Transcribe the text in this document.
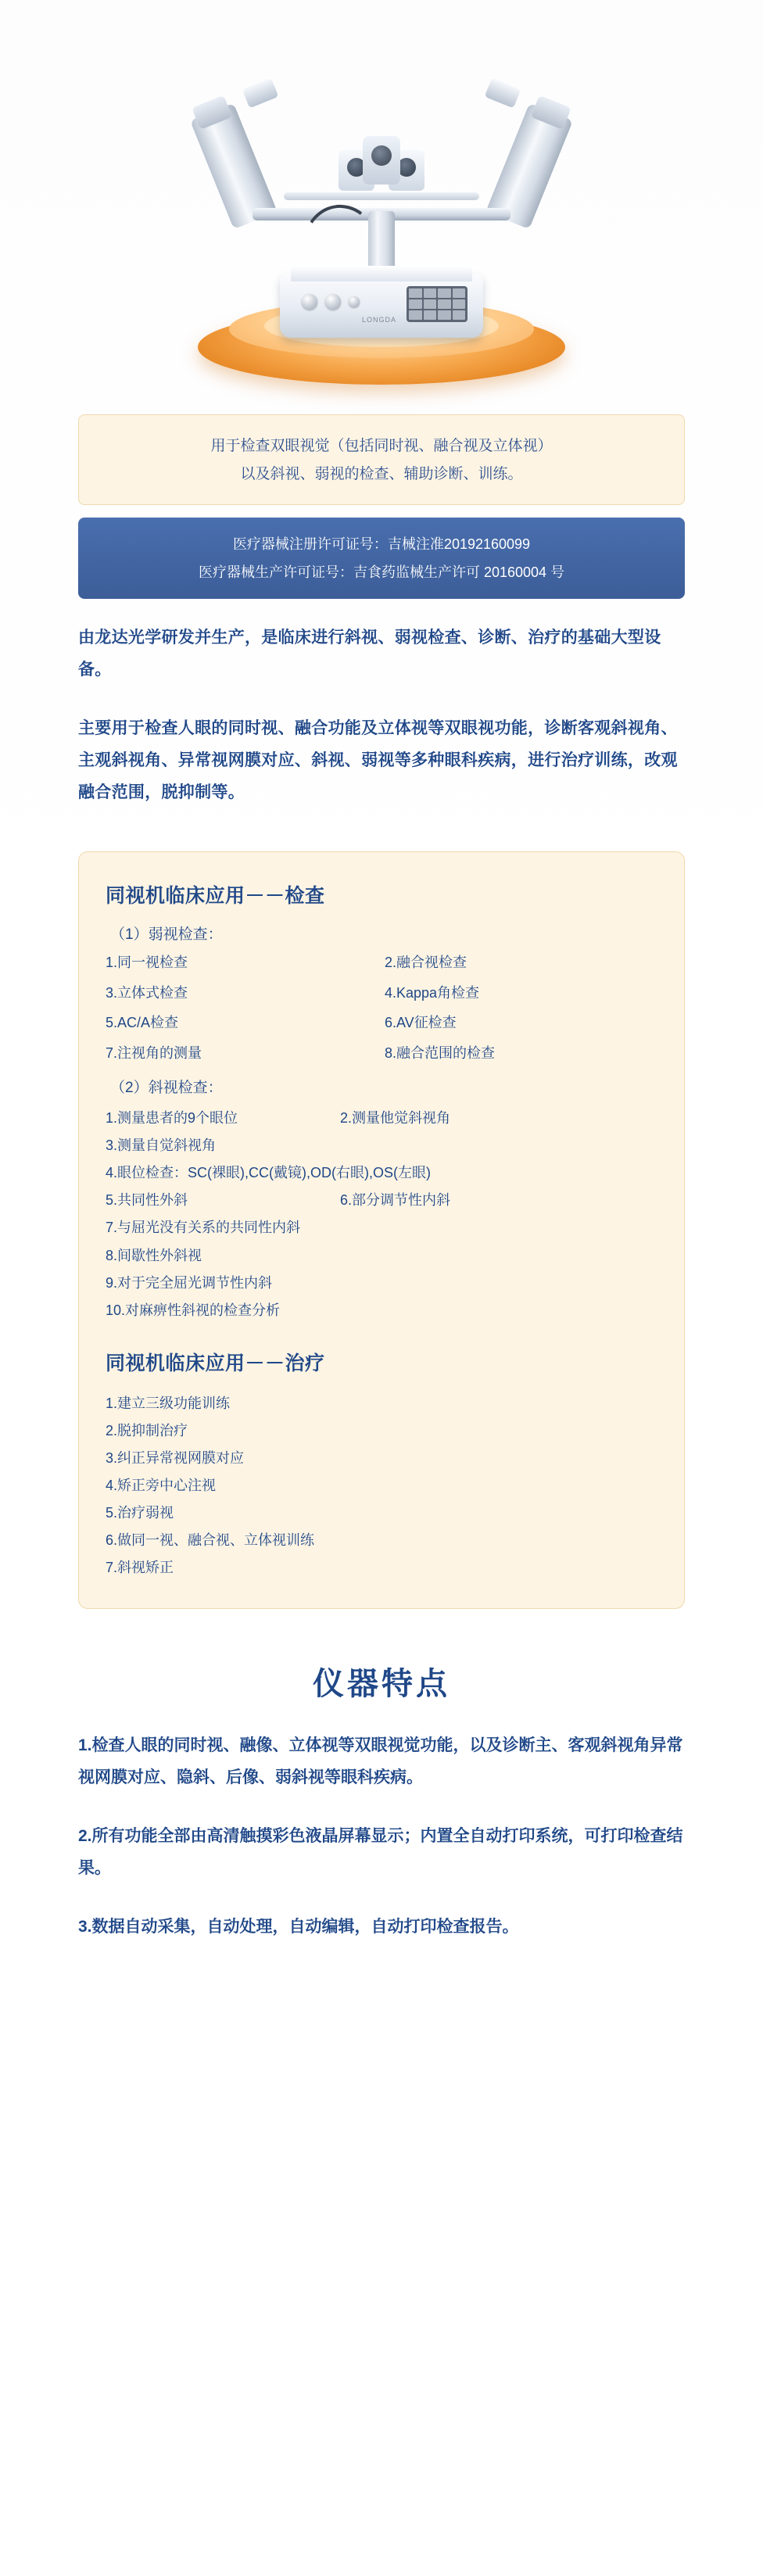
LONGDA
用于检查双眼视觉（包括同时视、融合视及立体视）
以及斜视、弱视的检查、辅助诊断、训练。
医疗器械注册许可证号：吉械注准20192160099
医疗器械生产许可证号：吉食药监械生产许可 20160004 号
由龙达光学研发并生产，是临床进行斜视、弱视检查、诊断、治疗的基础大型设备。
主要用于检查人眼的同时视、融合功能及立体视等双眼视功能，诊断客观斜视角、主观斜视角、异常视网膜对应、斜视、弱视等多种眼科疾病，进行治疗训练，改观融合范围，脱抑制等。
同视机临床应用－－检查
（1）弱视检查：
1.同一视检查	2.融合视检查
3.立体式检查	4.Kappa角检查
5.AC/A检查	6.AV征检查
7.注视角的测量	8.融合范围的检查
（2）斜视检查：
1.测量患者的9个眼位	2.测量他觉斜视角
3.测量自觉斜视角
4.眼位检查：SC(裸眼),CC(戴镜),OD(右眼),OS(左眼)
5.共同性外斜	6.部分调节性内斜
7.与屈光没有关系的共同性内斜
8.间歇性外斜视
9.对于完全屈光调节性内斜
10.对麻痹性斜视的检查分析
同视机临床应用－－治疗
1.建立三级功能训练
2.脱抑制治疗
3.纠正异常视网膜对应
4.矫正旁中心注视
5.治疗弱视
6.做同一视、融合视、立体视训练
7.斜视矫正
仪器特点
1.检查人眼的同时视、融像、立体视等双眼视觉功能，以及诊断主、客观斜视角异常视网膜对应、隐斜、后像、弱斜视等眼科疾病。
2.所有功能全部由高清触摸彩色液晶屏幕显示；内置全自动打印系统，可打印检查结果。
3.数据自动采集，自动处理，自动编辑，自动打印检查报告。
